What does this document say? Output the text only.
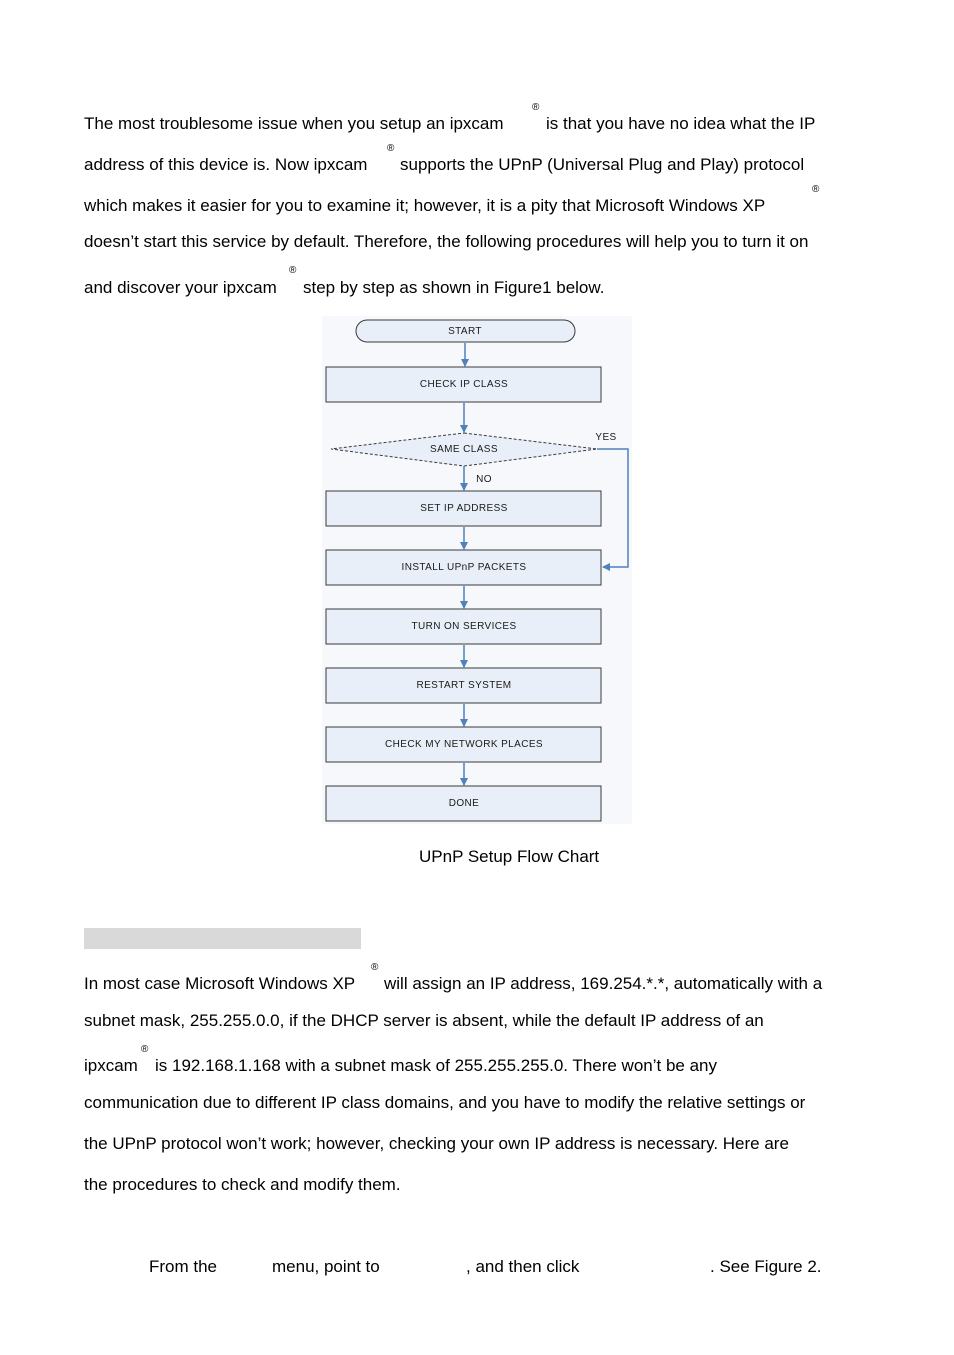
The most troublesome issue when you setup an ipxcam

®

is that you have no idea what the IP

address of this device is. Now ipxcam

®

supports the UPnP (Universal Plug and Play) protocol

which makes it easier for you to examine it; however, it is a pity that Microsoft Windows XP

®

doesn’t start this service by default. Therefore, the following procedures will help you to turn it on

and discover your ipxcam

®

step by step as shown in Figure1 below.

START
CHECK IP CLASS
SAME CLASS
YES
NO
SET IP ADDRESS
INSTALL UPnP PACKETS
TURN ON SERVICES
RESTART SYSTEM
CHECK MY NETWORK PLACES
DONE
UPnP Setup Flow Chart

In most case Microsoft Windows XP

®

will assign an IP address, 169.254.*.*, automatically with a

subnet mask, 255.255.0.0, if the DHCP server is absent, while the default IP address of an

ipxcam

®

is 192.168.1.168 with a subnet mask of 255.255.255.0. There won’t be any

communication due to different IP class domains, and you have to modify the relative settings or

the UPnP protocol won’t work; however, checking your own IP address is necessary. Here are

the procedures to check and modify them.

From the	menu, point to	, and then click	. See Figure 2.
